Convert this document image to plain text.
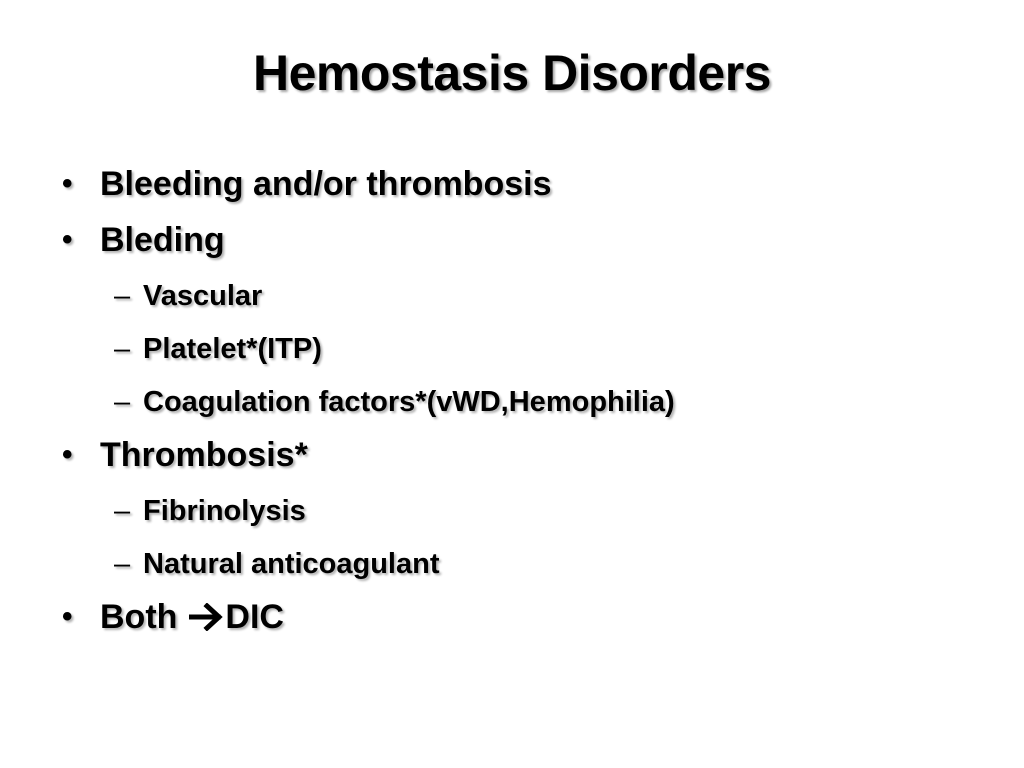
Hemostasis Disorders
• Bleeding and/or thrombosis
• Bleding
– Vascular
– Platelet*(ITP)
– Coagulation factors*(vWD,Hemophilia)
• Thrombosis*
– Fibrinolysis
– Natural anticoagulant
• Both DIC
